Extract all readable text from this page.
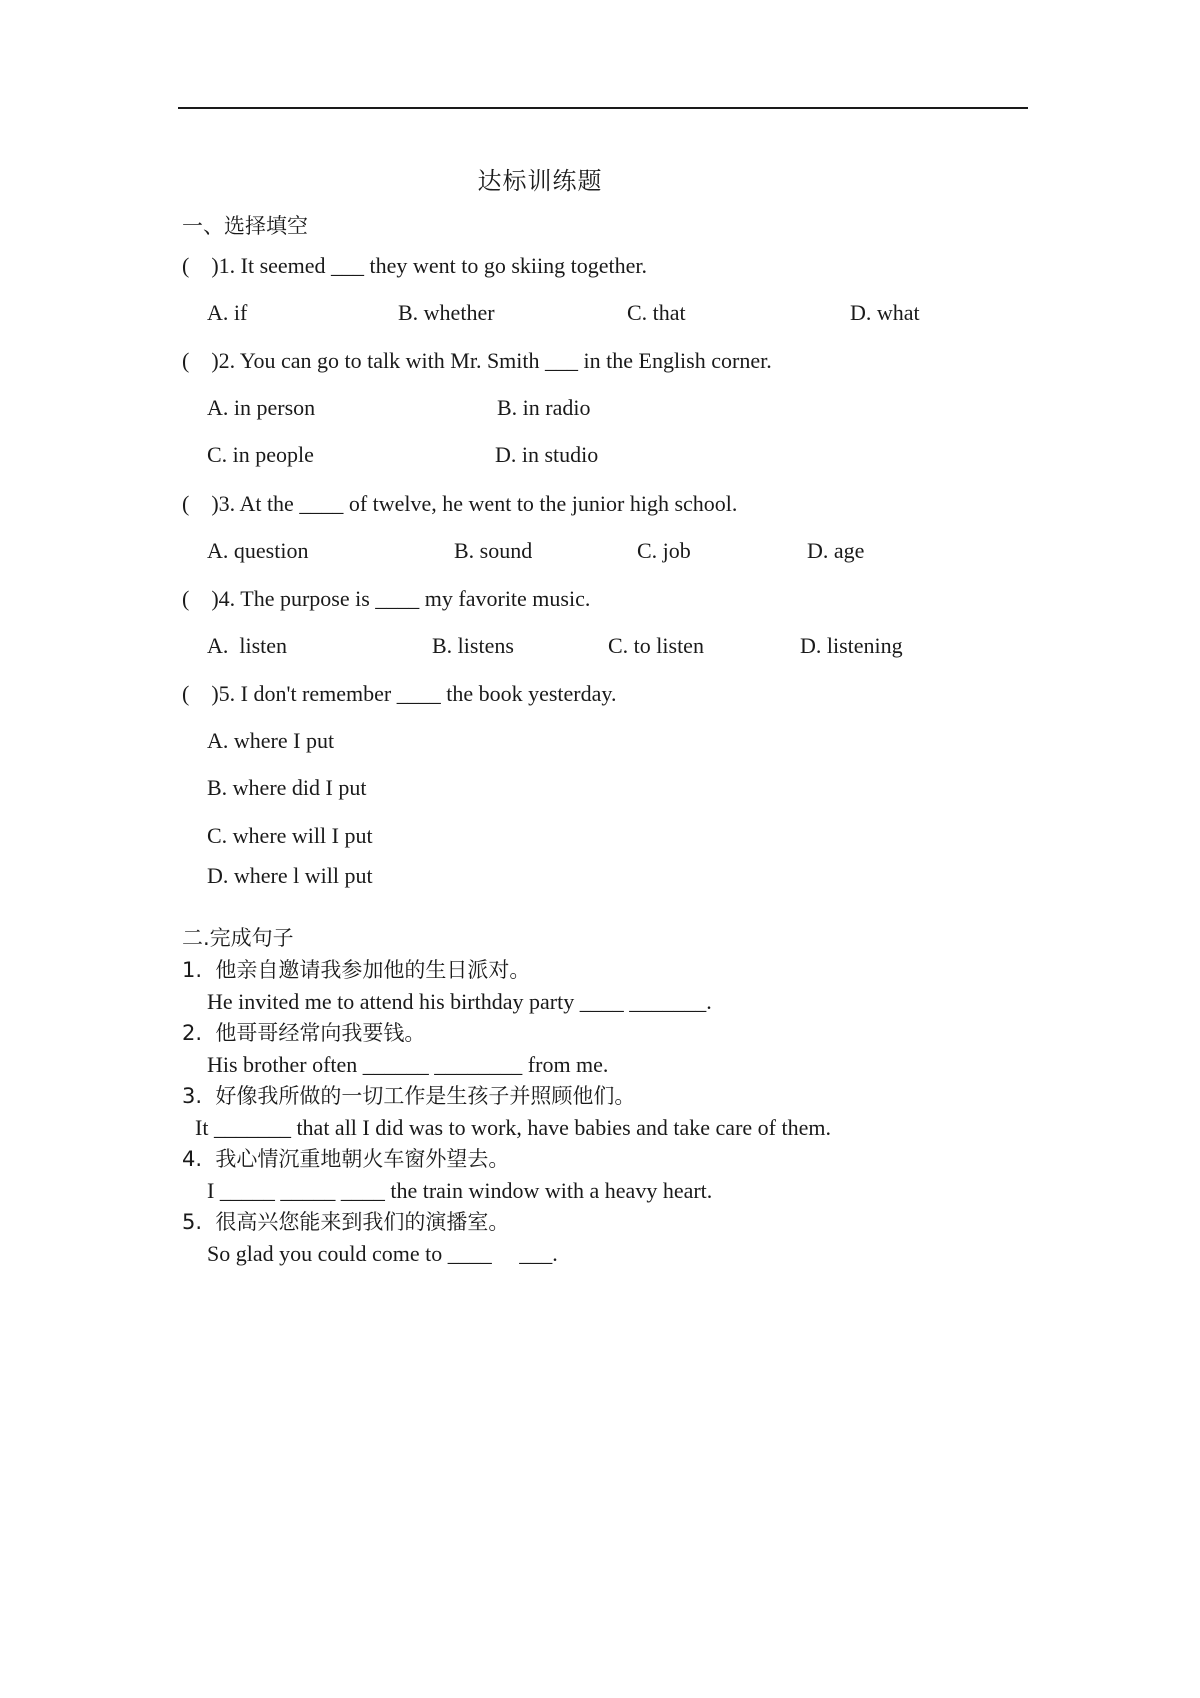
达标训练题
一、选择填空
(    )1. It seemed ___ they went to go skiing together.
A. if	B. whether	C. that	D. what
(    )2. You can go to talk with Mr. Smith ___ in the English corner.
A. in person	B. in radio
C. in people	D. in studio
(    )3. At the ____ of twelve, he went to the junior high school.
A. question	B. sound	C. job	D. age
(    )4. The purpose is ____ my favorite music.
A.  listen	B. listens	C. to listen	D. listening
(    )5. I don't remember ____ the book yesterday.
A. where I put
B. where did I put
C. where will I put
D. where l will put
二.完成句子
1.  他亲自邀请我参加他的生日派对。
He invited me to attend his birthday party ____ _______.
2.  他哥哥经常向我要钱。
His brother often ______ ________ from me.
3.  好像我所做的一切工作是生孩子并照顾他们。
It _______ that all I did was to work, have babies and take care of them.
4.  我心情沉重地朝火车窗外望去。
I _____ _____ ____ the train window with a heavy heart.
5.  很高兴您能来到我们的演播室。
So glad you could come to ____     ___.
